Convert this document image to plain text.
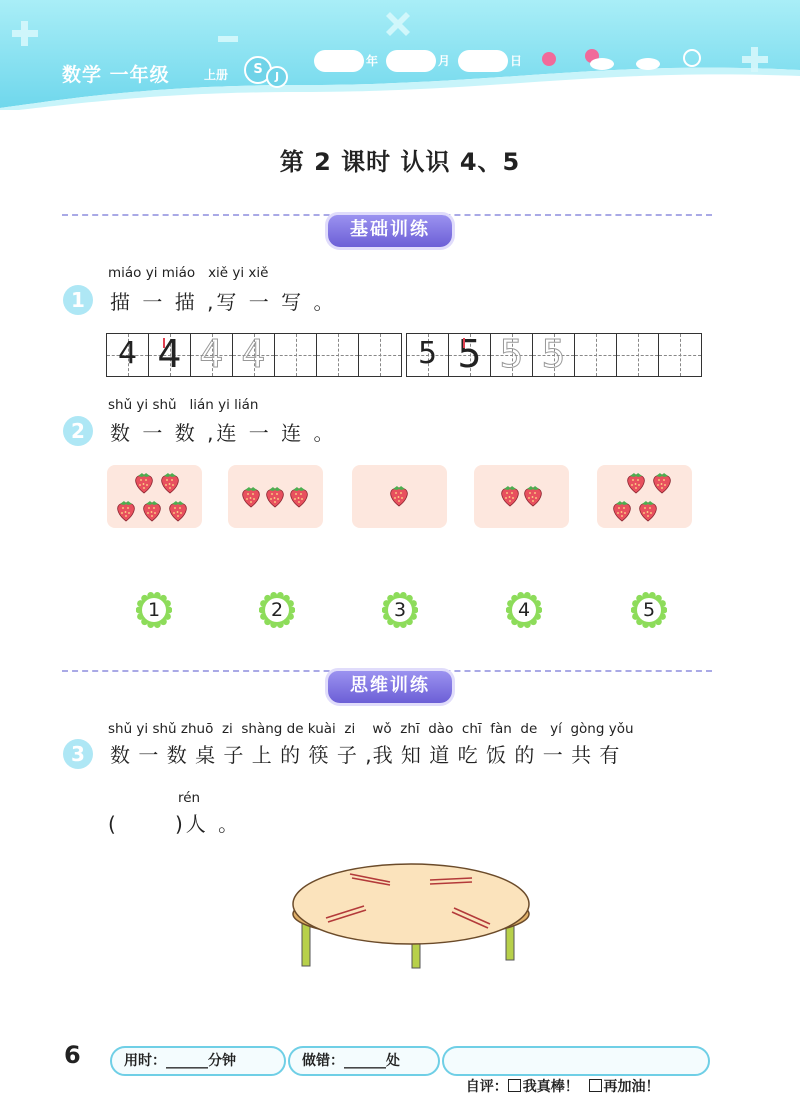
数学 一年级	上册	S	J
年	月	日
第 2 课时 认识 4、5
基础训练
miáo yi miáo   xiě yi xiě
1	描 一 描 ,写 一 写 。
4 4 4 4	5 5 5 5
shǔ yi shǔ   lián yi lián
2	数 一 数 ,连 一 连 。
1	2	3	4	5
思维训练
shǔ yi shǔ zhuō  zi  shàng de kuài  zi    wǒ  zhī  dào  chī  fàn  de   yí  gòng yǒu
3	数 一 数 桌 子 上 的 筷 子 ,我 知 道 吃 饭 的 一 共 有
rén
(      )人 。
6	用时：______分钟	做错：______处

自评： 我真棒！ 再加油！
